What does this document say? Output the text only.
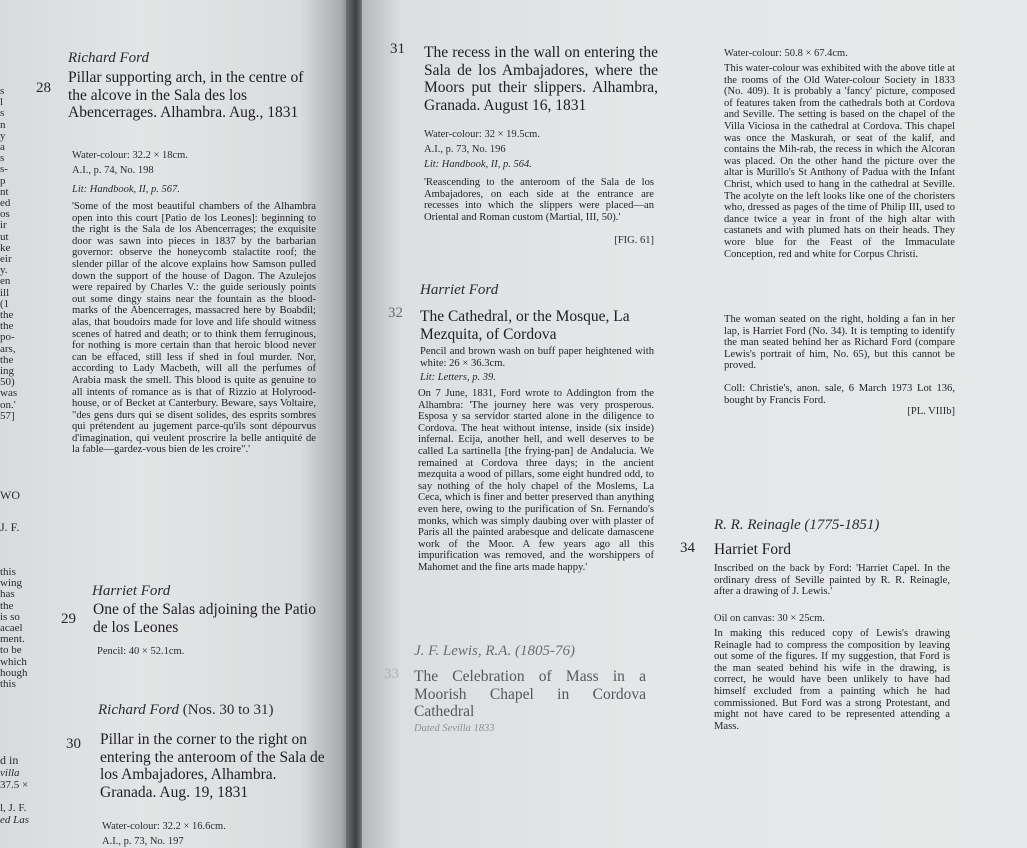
s
l
s
n
y
a
s
s-
p
nt
ed
os
ir
ut
ke
eir
y.
en
ill
(1
the
the
po-
ars,
the
ing
50)
was
on.'
57]
WO
J. F.
this
wing
has
the
is so
acael
ment.
to be
which
hough
this
d in
villa
37.5 ×
l, J. F.
ed Las
Richard Ford
28
Pillar supporting arch, in the centre of the alcove in the Sala des los Abencerrages. Alhambra. Aug., 1831
Water-colour: 32.2 × 18cm.
A.I., p. 74, No. 198
Lit: Handbook, II, p. 567.
'Some of the most beautiful chambers of the Alhambra open into this court [Patio de los Leones]: beginning to the right is the Sala de los Abencerrages; the exquisite door was sawn into pieces in 1837 by the barbarian governor: observe the honeycomb stalactite roof; the slender pillar of the alcove explains how Samson pulled down the support of the house of Dagon. The Azulejos were repaired by Charles V.: the guide seriously points out some dingy stains near the fountain as the blood-marks of the Abencerrages, massacred here by Boabdil; alas, that boudoirs made for love and life should witness scenes of hatred and death; or to think them ferruginous, for nothing is more certain than that heroic blood never can be effaced, still less if shed in foul murder. Nor, according to Lady Macbeth, will all the perfumes of Arabia mask the smell. This blood is quite as genuine to all intents of romance as is that of Rizzio at Holyrood-house, or of Becket at Canterbury. Beware, says Voltaire, "des gens durs qui se disent solides, des esprits sombres qui prétendent au jugement parce-qu'ils sont dépourvus d'imagination, qui veulent proscrire la belle antiquité de la fable—gardez-vous bien de les croire".'
Harriet Ford
29
One of the Salas adjoining the Patio de los Leones
Pencil: 40 × 52.1cm.
Richard Ford (Nos. 30 to 31)
30 Pillar in the corner to the right on entering the anteroom of the Sala de los Ambajadores, Alhambra. Granada. Aug. 19, 1831
Water-colour: 32.2 × 16.6cm.
A.I., p. 73, No. 197
31 The recess in the wall on entering the Sala de los Ambajadores, where the Moors put their slippers. Alhambra, Granada. August 16, 1831
Water-colour: 32 × 19.5cm.
A.I., p. 73, No. 196
Lit: Handbook, II, p. 564.
'Reascending to the anteroom of the Sala de los Ambajadores, on each side at the entrance are recesses into which the slippers were placed—an Oriental and Roman custom (Martial, III, 50).'
[FIG. 61]
Harriet Ford
32 The Cathedral, or the Mosque, La Mezquita, of Cordova
Pencil and brown wash on buff paper heightened with white: 26 × 36.3cm.
Lit: Letters, p. 39.
On 7 June, 1831, Ford wrote to Addington from the Alhambra: 'The journey here was very prosperous. Esposa y sa servidor started alone in the diligence to Cordova. The heat without intense, inside (six inside) infernal. Ecija, another hell, and well deserves to be called La sartinella [the frying-pan] de Andalucia. We remained at Cordova three days; in the ancient mezquita a wood of pillars, some eight hundred odd, to say nothing of the holy chapel of the Moslems, La Ceca, which is finer and better preserved than anything even here, owing to the purification of Sn. Fernando's monks, which was simply daubing over with plaster of Paris all the painted arabesque and delicate damascene work of the Moor. A few years ago all this impurification was removed, and the worshippers of Mahomet and the fine arts made happy.'
J. F. Lewis, R.A. (1805-76)
33 The Celebration of Mass in a Moorish Chapel in Cordova Cathedral
Dated Sevilla 1833
Water-colour: 50.8 × 67.4cm.
This water-colour was exhibited with the above title at the rooms of the Old Water-colour Society in 1833 (No. 409). It is probably a 'fancy' picture, composed of features taken from the cathedrals both at Cordova and Seville. The setting is based on the chapel of the Villa Viciosa in the cathedral at Cordova. This chapel was once the Maskurah, or seat of the kalif, and contains the Mih-rab, the recess in which the Alcoran was placed. On the other hand the picture over the altar is Murillo's St Anthony of Padua with the Infant Christ, which used to hang in the cathedral at Seville. The acolyte on the left looks like one of the choristers who, dressed as pages of the time of Philip III, used to dance twice a year in front of the high altar with castanets and with plumed hats on their heads. They wore blue for the Feast of the Immaculate Conception, red and white for Corpus Christi.
The woman seated on the right, holding a fan in her lap, is Harriet Ford (No. 34). It is tempting to identify the man seated behind her as Richard Ford (compare Lewis's portrait of him, No. 65), but this cannot be proved.
Coll: Christie's, anon. sale, 6 March 1973 Lot 136, bought by Francis Ford.
[PL. VIIIb]
R. R. Reinagle (1775-1851)
34 Harriet Ford
Inscribed on the back by Ford: 'Harriet Capel. In the ordinary dress of Seville painted by R. R. Reinagle, after a drawing of J. Lewis.'
Oil on canvas: 30 × 25cm.
In making this reduced copy of Lewis's drawing Reinagle had to compress the composition by leaving out some of the figures. If my suggestion, that Ford is the man seated behind his wife in the drawing, is correct, he would have been unlikely to have had himself excluded from a painting which he had commissioned. But Ford was a strong Protestant, and might not have cared to be represented attending a Mass.
